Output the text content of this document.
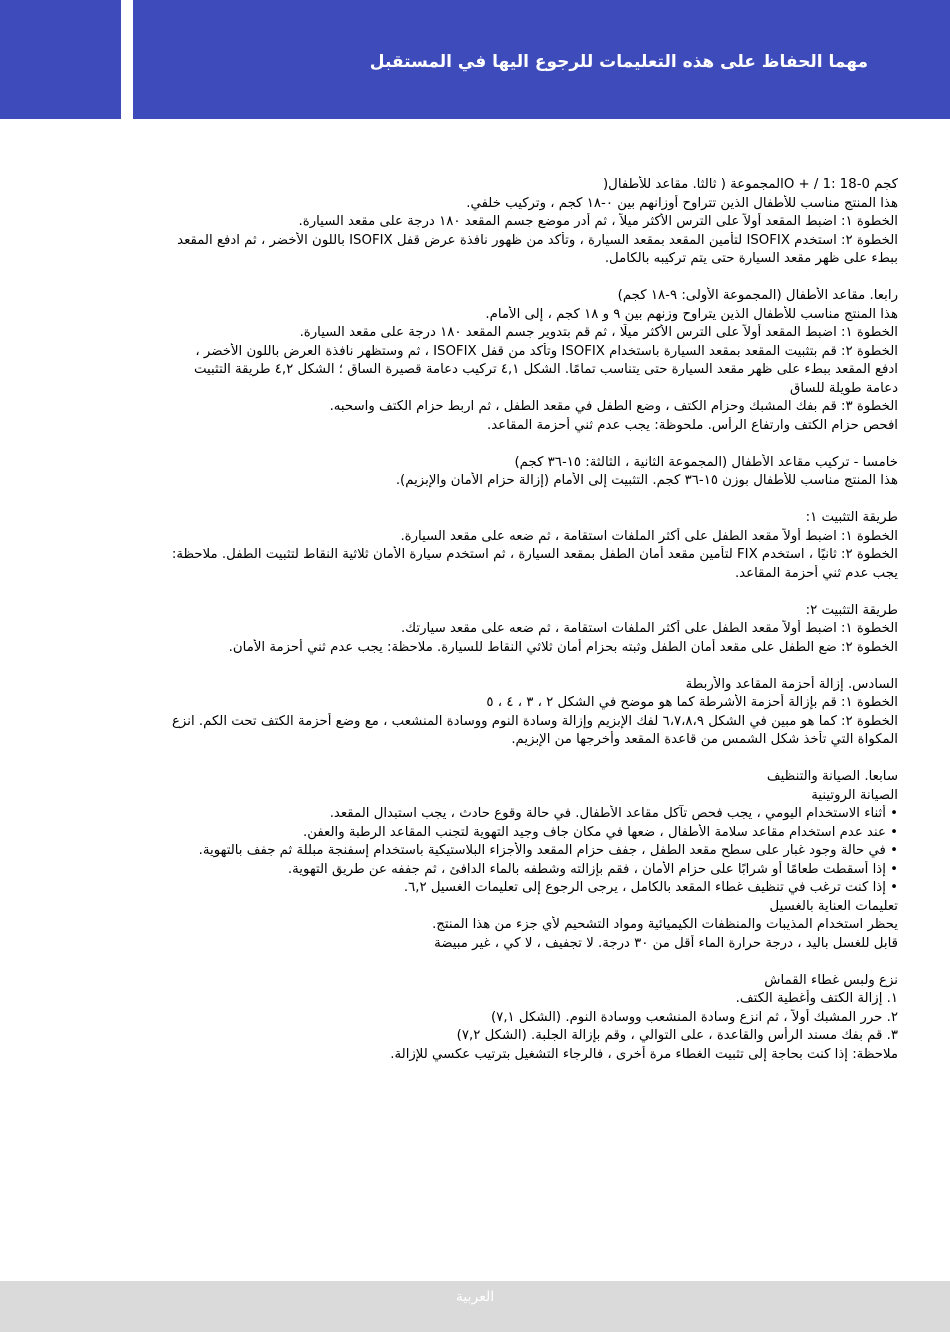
مهما الحفاظ على هذه التعليمات للرجوع اليها في المستقبل
كجم 0-18 :1 / + Oالمجموعة ( ثالثا. مقاعد للأطفال(
هذا المنتج مناسب للأطفال الذين تتراوح أوزانهم بين ٠-١٨ كجم ، وتركيب خلفي.
الخطوة ١: اضبط المقعد أولاً على الترس الأكثر ميلاً ، ثم أدر موضع جسم المقعد ١٨٠ درجة على مقعد السيارة.
الخطوة ٢: استخدم ISOFIX لتأمين المقعد بمقعد السيارة ، وتأكد من ظهور نافذة عرض قفل ISOFIX باللون الأخضر ، ثم ادفع المقعد
ببطء على ظهر مقعد السيارة حتى يتم تركيبه بالكامل.
رابعا. مقاعد الأطفال (المجموعة الأولى: ٩-١٨ كجم)
هذا المنتج مناسب للأطفال الذين يتراوح وزنهم بين ٩ و ١٨ كجم ، إلى الأمام.
الخطوة ١: اضبط المقعد أولاً على الترس الأكثر ميلًا ، ثم قم بتدوير جسم المقعد ١٨٠ درجة على مقعد السيارة.
الخطوة ٢: قم بتثبيت المقعد بمقعد السيارة باستخدام ISOFIX وتأكد من قفل ISOFIX ، ثم وستظهر نافذة العرض باللون الأخضر ،
ادفع المقعد ببطء على ظهر مقعد السيارة حتى يتناسب تمامًا. الشكل ٤,١ تركيب دعامة قصيرة الساق ؛ الشكل ٤,٢ طريقة التثبيت
دعامة طويلة للساق
الخطوة ٣: قم بفك المشبك وحزام الكتف ، وضع الطفل في مقعد الطفل ، ثم اربط حزام الكتف واسحبه.
افحص حزام الكتف وارتفاع الرأس. ملحوظة: يجب عدم ثني أحزمة المقاعد.
خامسا - تركيب مقاعد الأطفال (المجموعة الثانية ، الثالثة: ١٥-٣٦ كجم)
هذا المنتج مناسب للأطفال بوزن ١٥-٣٦ كجم. التثبيت إلى الأمام (إزالة حزام الأمان والإبزيم).
طريقة التثبيت ١:
الخطوة ١: اضبط أولاً مقعد الطفل على أكثر الملفات استقامة ، ثم ضعه على مقعد السيارة.
الخطوة ٢: ثانيًا ، استخدم FIX لتأمين مقعد أمان الطفل بمقعد السيارة ، ثم استخدم سيارة الأمان ثلاثية النقاط لتثبيت الطفل. ملاحظة:
يجب عدم ثني أحزمة المقاعد.
طريقة التثبيت ٢:
الخطوة ١: اضبط أولاً مقعد الطفل على أكثر الملفات استقامة ، ثم ضعه على مقعد سيارتك.
الخطوة ٢: ضع الطفل على مقعد أمان الطفل وثبته بحزام أمان ثلاثي النقاط للسيارة. ملاحظة: يجب عدم ثني أحزمة الأمان.
السادس. إزالة أحزمة المقاعد والأربطة
الخطوة ١: قم بإزالة أحزمة الأشرطة كما هو موضح في الشكل ٢ ، ٣ ، ٤ ، ٥
الخطوة ٢: كما هو مبين في الشكل ٦،٧،٨،٩ لفك الإبزيم وإزالة وسادة النوم ووسادة المنشعب ، مع وضع أحزمة الكتف تحت الكم. انزع
المكواة التي تأخذ شكل الشمس من قاعدة المقعد وأخرجها من الإبزيم.
سابعا. الصيانة والتنظيف
الصيانة الروتينية
• أثناء الاستخدام اليومي ، يجب فحص تآكل مقاعد الأطفال. في حالة وقوع حادث ، يجب استبدال المقعد.
• عند عدم استخدام مقاعد سلامة الأطفال ، ضعها في مكان جاف وجيد التهوية لتجنب المقاعد الرطبة والعفن.
• في حالة وجود غبار على سطح مقعد الطفل ، جفف حزام المقعد والأجزاء البلاستيكية باستخدام إسفنجة مبللة ثم جفف بالتهوية.
• إذا أسقطت طعامًا أو شرابًا على حزام الأمان ، فقم بإزالته وشطفه بالماء الدافئ ، ثم جففه عن طريق التهوية.
• إذا كنت ترغب في تنظيف غطاء المقعد بالكامل ، يرجى الرجوع إلى تعليمات الغسيل ٦,٢.
تعليمات العناية بالغسيل
يحظر استخدام المذيبات والمنظفات الكيميائية ومواد التشحيم لأي جزء من هذا المنتج.
قابل للغسل باليد ، درجة حرارة الماء أقل من ٣٠ درجة. لا تجفيف ، لا كي ، غير مبيضة
نزع ولبس غطاء القماش
١. إزالة الكتف وأغطية الكتف.
٢. حرر المشبك أولاً ، ثم انزع وسادة المنشعب ووسادة النوم. (الشكل ٧,١)
٣. قم بفك مسند الرأس والقاعدة ، على التوالي ، وقم بإزالة الجلبة. (الشكل ٧,٢)
ملاحظة: إذا كنت بحاجة إلى تثبيت الغطاء مرة أخرى ، فالرجاء التشغيل بترتيب عكسي للإزالة.
العربية
